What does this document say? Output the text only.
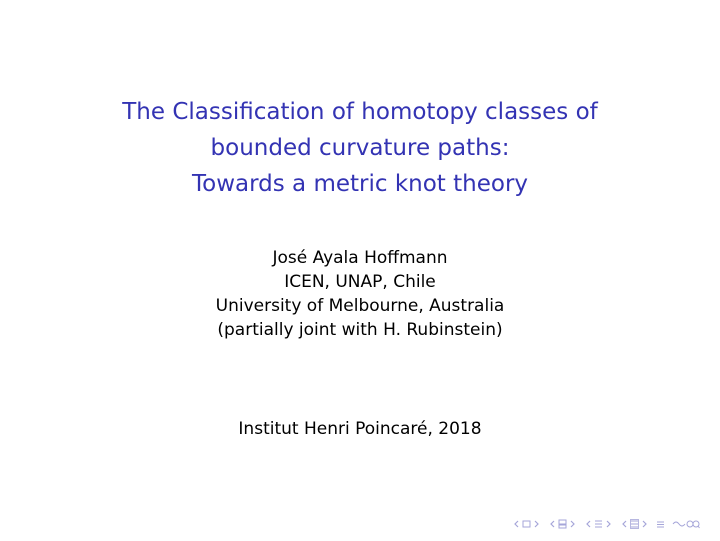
The Classification of homotopy classes of
bounded curvature paths:
Towards a metric knot theory
José Ayala Hoffmann
ICEN, UNAP, Chile
University of Melbourne, Australia
(partially joint with H. Rubinstein)
Institut Henri Poincaré, 2018
